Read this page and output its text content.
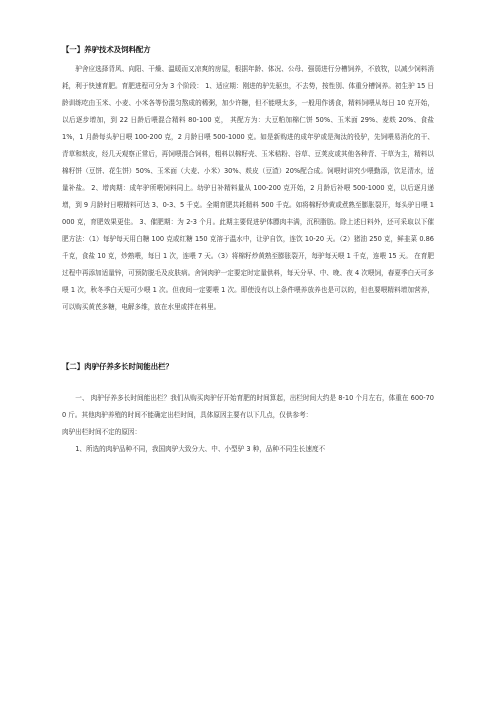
【一】养驴技术及饲料配方

驴舍应选择背风、向阳、干燥、温暖而又凉爽的房屋，根据年龄、体况、公母、强弱进行分槽饲养，不放牧，以减少饲料消耗，利于快速育肥。育肥进程可分为 3 个阶段： 1、适应期：刚进的驴先驱虫，不去势，按性别、体重分槽饲养。初生驴 15 日龄训练吃由玉米、小麦、小米各等份混匀熬成的稀粥，加少许糖，但不能喂太多，一般用作诱食，精料饲喂从每日 10 克开始，以后逐步增加，到 22 日龄后喂混合精料 80-100 克， 其配方为：大豆粕加棉仁饼 50%、玉米面 29%、麦麸 20%、食盐 1%，1 月龄每头驴日喂 100-200 克，2 月龄日喂 500-1000 克。如是新购进的成年驴或是淘汰的役驴，先饲喂易消化的干、青草和麸皮，经几天观察正常后，再饲喂混合饲料，粗料以棉籽壳、玉米秸粉、谷草、豆荚皮或其他各种青、干草为主，精料以棉籽饼（豆饼、花生饼）50%、玉米面（大麦、小米）30%、麸皮（豆渣）20%配合成。饲喂时讲究少喂勤添，饮足清水，适量补盐。 2、增肉期：成年驴所喂饲料同上。幼驴日补精料量从 100-200 克开始，2 月龄后补喂 500-1000 克，以后逐月递增，到 9 月龄时日喂精料可达 3、0-3、5 千克。全期育肥共耗精料 500 千克。如将棉籽炒黄或煮熟至膨胀裂开，每头驴日喂 1000 克，育肥效果更佳。 3、催肥期：为 2-3 个月。此期主要促进驴体膘肉丰满，沉积脂肪。除上述日料外，还可采取以下催肥方法：（1）每驴每天用白糖 100 克或红糖 150 克溶于温水中，让驴自饮，连饮 10-20 天。（2）猪油 250 克，鲜韭菜 0.86 千克，食盐 10 克，炒熟喂，每日 1 次，连喂 7 天。（3）将棉籽炒黄熟至膨胀裂开，每驴每天喂 1 千克，连喂 15 天。 在育肥过程中再添加适量锌，可预防脱毛及皮肤病。舍饲肉驴一定要定时定量供料，每天分早、中、晚、夜 4 次喂饲，春夏季白天可多喂 1 次，秋冬季白天短可少喂 1 次。但夜间一定要喂 1 次。即使没有以上条件喂养放养也是可以的，但也要喂精料增加营养，可以购买黄芪多糖，电解多维，放在水里或拌在料里。

【二】肉驴仔养多长时间能出栏？

一、 肉驴仔养多长时间能出栏？我们从购买肉驴仔开始育肥的时间算起，出栏时间大约是 8-10 个月左右，体重在 600-700 斤。其他肉驴养殖的时间不能确定出栏时间，具体原因主要有以下几点，仅供参考：

肉驴出栏时间不定的原因：

1、所选的肉驴品种不同，我国肉驴大致分大、中、小型驴 3 种，品种不同生长速度不
